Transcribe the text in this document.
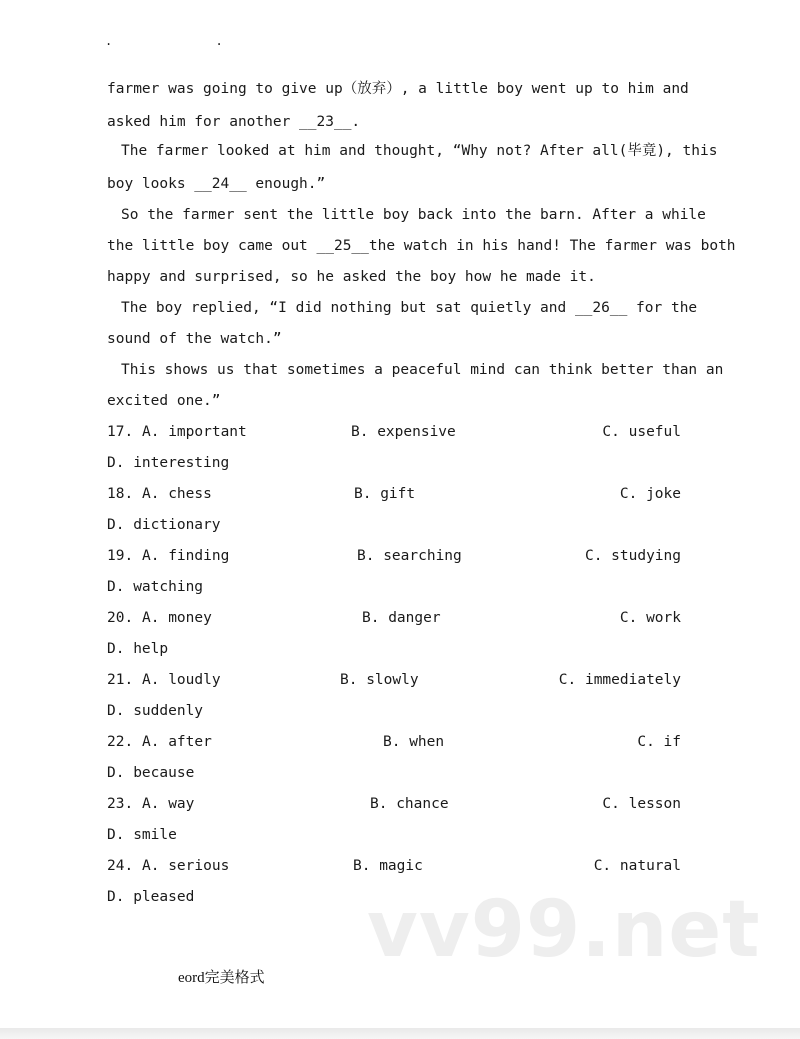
. .
farmer was going to give up（放弃）, a little boy went up to him and
asked him for another __23__.
The farmer looked at him and thought, “Why not? After all(毕竟), this
boy looks __24__ enough.”
So the farmer sent the little boy back into the barn. After a while
the little boy came out __25__the watch in his hand! The farmer was both
happy and surprised, so he asked the boy how he made it.
The boy replied, “I did nothing but sat quietly and __26__ for the
sound of the watch.”
This shows us that sometimes a peaceful mind can think better than an
excited one.”
17. A. important	B. expensive	C. useful
D. interesting
18. A. chess	B. gift	C. joke
D. dictionary
19. A. finding	B. searching	C. studying
D. watching
20. A. money	B. danger	C. work
D. help
21. A. loudly	B. slowly	C. immediately
D. suddenly
22. A. after	B. when	C. if
D. because
23. A. way	B. chance	C. lesson
D. smile
24. A. serious	B. magic	C. natural
D. pleased vv99.net
eord完美格式
